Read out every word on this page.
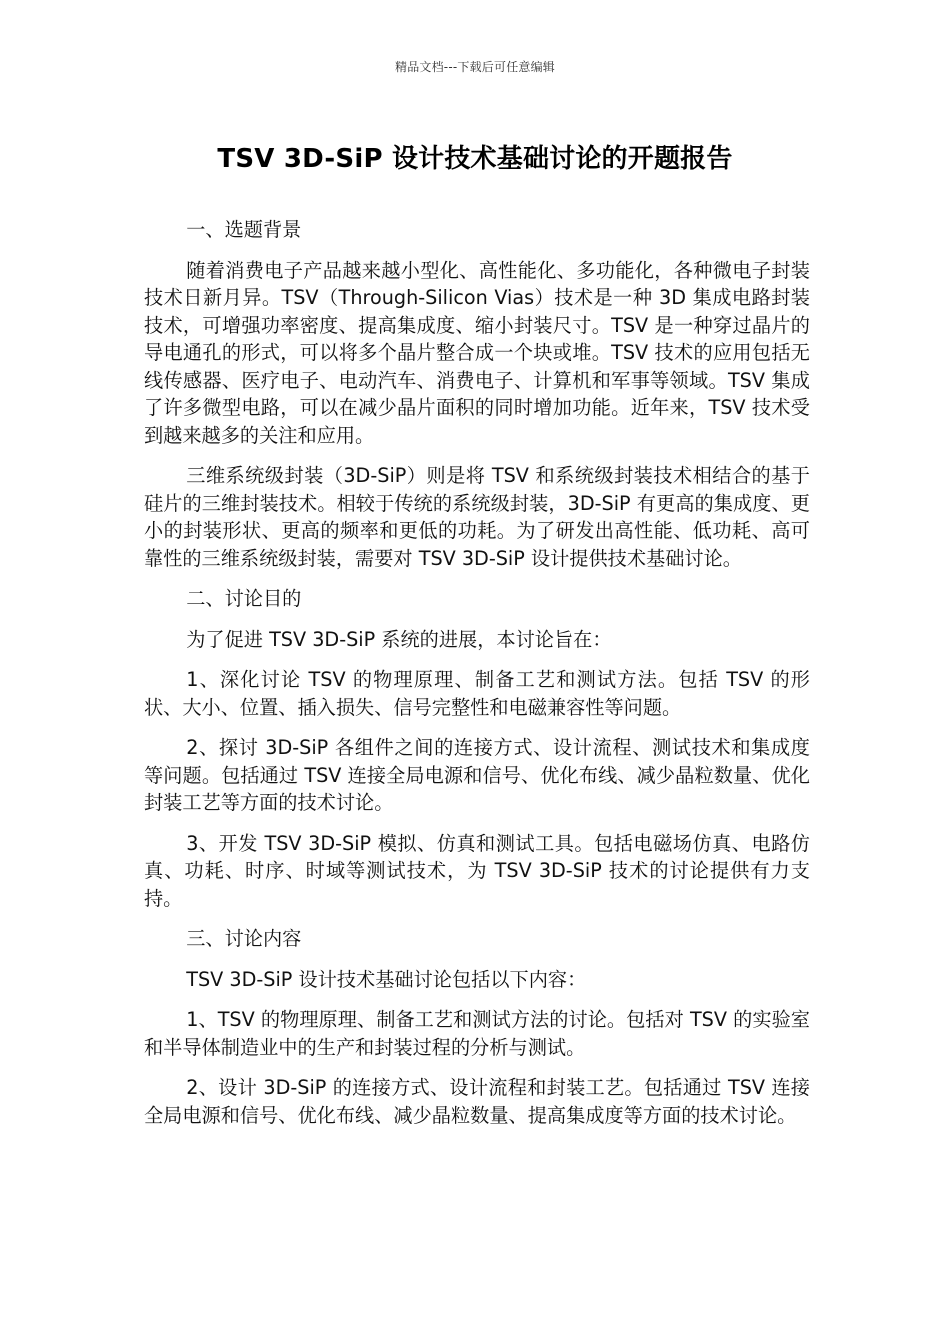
精品文档---下载后可任意编辑
TSV 3D-SiP 设计技术基础讨论的开题报告

一、选题背景

随着消费电子产品越来越小型化、高性能化、多功能化，各种微电子封装技术日新月异。TSV（Through-Silicon Vias）技术是一种 3D 集成电路封装技术，可增强功率密度、提高集成度、缩小封装尺寸。TSV 是一种穿过晶片的导电通孔的形式，可以将多个晶片整合成一个块或堆。TSV 技术的应用包括无线传感器、医疗电子、电动汽车、消费电子、计算机和军事等领域。TSV 集成了许多微型电路，可以在减少晶片面积的同时增加功能。近年来，TSV 技术受到越来越多的关注和应用。

三维系统级封装（3D-SiP）则是将 TSV 和系统级封装技术相结合的基于硅片的三维封装技术。相较于传统的系统级封装，3D-SiP 有更高的集成度、更小的封装形状、更高的频率和更低的功耗。为了研发出高性能、低功耗、高可靠性的三维系统级封装，需要对 TSV 3D-SiP 设计提供技术基础讨论。

二、讨论目的

为了促进 TSV 3D-SiP 系统的进展，本讨论旨在：

1、深化讨论 TSV 的物理原理、制备工艺和测试方法。包括 TSV 的形状、大小、位置、插入损失、信号完整性和电磁兼容性等问题。

2、探讨 3D-SiP 各组件之间的连接方式、设计流程、测试技术和集成度等问题。包括通过 TSV 连接全局电源和信号、优化布线、减少晶粒数量、优化封装工艺等方面的技术讨论。

3、开发 TSV 3D-SiP 模拟、仿真和测试工具。包括电磁场仿真、电路仿真、功耗、时序、时域等测试技术，为 TSV 3D-SiP 技术的讨论提供有力支持。

三、讨论内容

TSV 3D-SiP 设计技术基础讨论包括以下内容：

1、TSV 的物理原理、制备工艺和测试方法的讨论。包括对 TSV 的实验室和半导体制造业中的生产和封装过程的分析与测试。

2、设计 3D-SiP 的连接方式、设计流程和封装工艺。包括通过 TSV 连接全局电源和信号、优化布线、减少晶粒数量、提高集成度等方面的技术讨论。
